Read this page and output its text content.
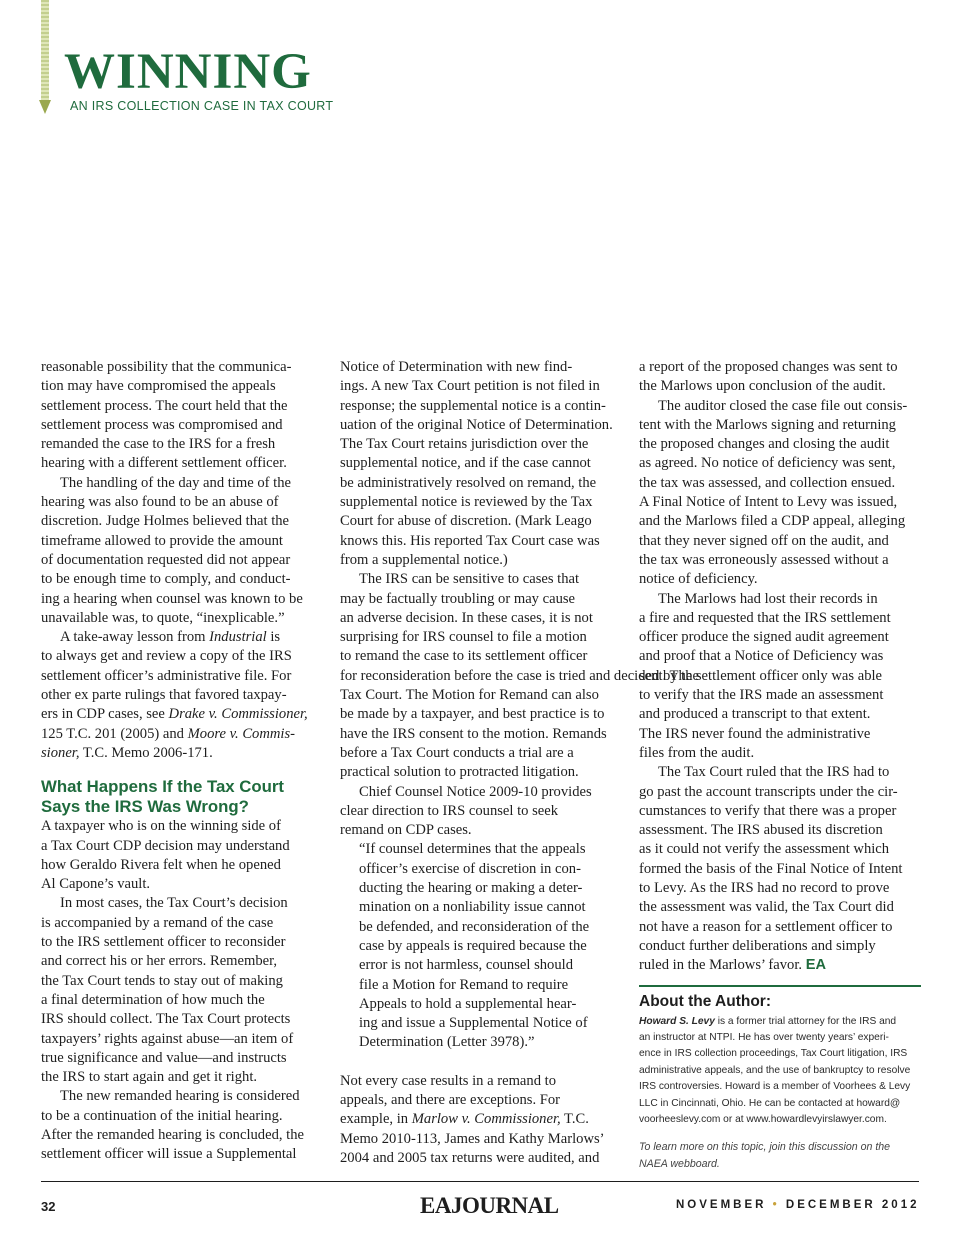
WINNING
AN IRS COLLECTION CASE IN TAX COURT

reasonable possibility that the communica-
tion may have compromised the appeals
settlement process. The court held that the
settlement process was compromised and
remanded the case to the IRS for a fresh
hearing with a different settlement officer.

The handling of the day and time of the
hearing was also found to be an abuse of
discretion. Judge Holmes believed that the
timeframe allowed to provide the amount
of documentation requested did not appear
to be enough time to comply, and conduct-
ing a hearing when counsel was known to be
unavailable was, to quote, “inexplicable.”

A take-away lesson from Industrial is
to always get and review a copy of the IRS
settlement officer’s administrative file. For
other ex parte rulings that favored taxpay-
ers in CDP cases, see Drake v. Commissioner,
125 T.C. 201 (2005) and Moore v. Commis-
sioner, T.C. Memo 2006-171.

What Happens If the Tax Court
Says the IRS Was Wrong?

A taxpayer who is on the winning side of
a Tax Court CDP decision may understand
how Geraldo Rivera felt when he opened
Al Capone’s vault.

In most cases, the Tax Court’s decision
is accompanied by a remand of the case
to the IRS settlement officer to reconsider
and correct his or her errors. Remember,
the Tax Court tends to stay out of making
a final determination of how much the
IRS should collect. The Tax Court protects
taxpayers’ rights against abuse—an item of
true significance and value—and instructs
the IRS to start again and get it right.

The new remanded hearing is considered
to be a continuation of the initial hearing.
After the remanded hearing is concluded, the
settlement officer will issue a Supplemental

Notice of Determination with new find-
ings. A new Tax Court petition is not filed in
response; the supplemental notice is a contin-
uation of the original Notice of Determination.
The Tax Court retains jurisdiction over the
supplemental notice, and if the case cannot
be administratively resolved on remand, the
supplemental notice is reviewed by the Tax
Court for abuse of discretion. (Mark Leago
knows this. His reported Tax Court case was
from a supplemental notice.)

The IRS can be sensitive to cases that
may be factually troubling or may cause
an adverse decision. In these cases, it is not
surprising for IRS counsel to file a motion
to remand the case to its settlement officer
for reconsideration before the case is tried and decided by the
Tax Court. The Motion for Remand can also
be made by a taxpayer, and best practice is to
have the IRS consent to the motion. Remands
before a Tax Court conducts a trial are a
practical solution to protracted litigation.

Chief Counsel Notice 2009-10 provides
clear direction to IRS counsel to seek
remand on CDP cases.

“If counsel determines that the appeals
officer’s exercise of discretion in con-
ducting the hearing or making a deter-
mination on a nonliability issue cannot
be defended, and reconsideration of the
case by appeals is required because the
error is not harmless, counsel should
file a Motion for Remand to require
Appeals to hold a supplemental hear-
ing and issue a Supplemental Notice of
Determination (Letter 3978).”

Not every case results in a remand to
appeals, and there are exceptions. For
example, in Marlow v. Commissioner, T.C.
Memo 2010-113, James and Kathy Marlows’
2004 and 2005 tax returns were audited, and

a report of the proposed changes was sent to
the Marlows upon conclusion of the audit.

The auditor closed the case file out consis-
tent with the Marlows signing and returning
the proposed changes and closing the audit
as agreed. No notice of deficiency was sent,
the tax was assessed, and collection ensued.
A Final Notice of Intent to Levy was issued,
and the Marlows filed a CDP appeal, alleging
that they never signed off on the audit, and
the tax was erroneously assessed without a
notice of deficiency.

The Marlows had lost their records in
a fire and requested that the IRS settlement
officer produce the signed audit agreement
and proof that a Notice of Deficiency was
sent. The settlement officer only was able
to verify that the IRS made an assessment
and produced a transcript to that extent.
The IRS never found the administrative
files from the audit.

The Tax Court ruled that the IRS had to
go past the account transcripts under the cir-
cumstances to verify that there was a proper
assessment. The IRS abused its discretion
as it could not verify the assessment which
formed the basis of the Final Notice of Intent
to Levy. As the IRS had no record to prove
the assessment was valid, the Tax Court did
not have a reason for a settlement officer to
conduct further deliberations and simply
ruled in the Marlows’ favor. EA

About the Author:
Howard S. Levy is a former trial attorney for the IRS and
an instructor at NTPI. He has over twenty years’ experi-
ence in IRS collection proceedings, Tax Court litigation, IRS
administrative appeals, and the use of bankruptcy to resolve
IRS controversies. Howard is a member of Voorhees & Levy
LLC in Cincinnati, Ohio. He can be contacted at howard@
voorheeslevy.com or at www.howardlevyirslawyer.com.
To learn more on this topic, join this discussion on the
NAEA webboard.
32	EAJOURNAL	NOVEMBER • DECEMBER 2012
